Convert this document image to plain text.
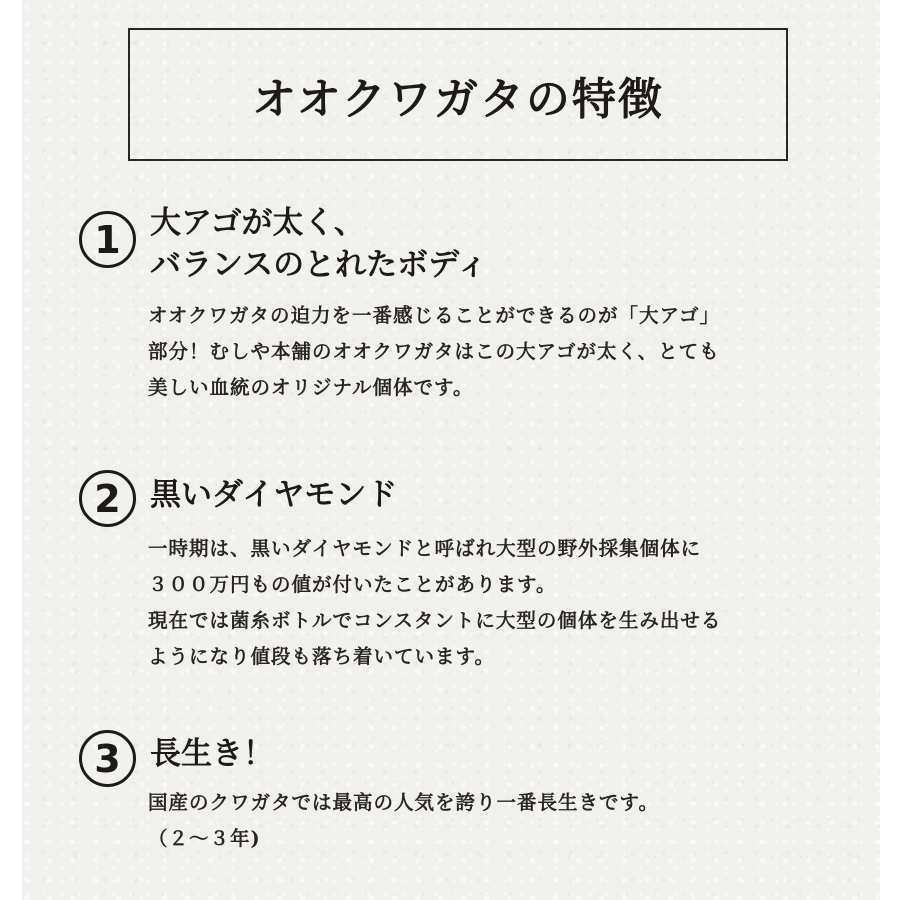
オオクワガタの特徴
1 大アゴが太く、
バランスのとれたボディ
オオクワガタの迫力を一番感じることができるのが「大アゴ」
部分！むしや本舗のオオクワガタはこの大アゴが太く、とても
美しい血統のオリジナル個体です。
2 黒いダイヤモンド
一時期は、黒いダイヤモンドと呼ばれ大型の野外採集個体に
３００万円もの値が付いたことがあります。
現在では菌糸ボトルでコンスタントに大型の個体を生み出せる
ようになり値段も落ち着いています。
3 長生き！
国産のクワガタでは最高の人気を誇り一番長生きです。
（２～３年)
